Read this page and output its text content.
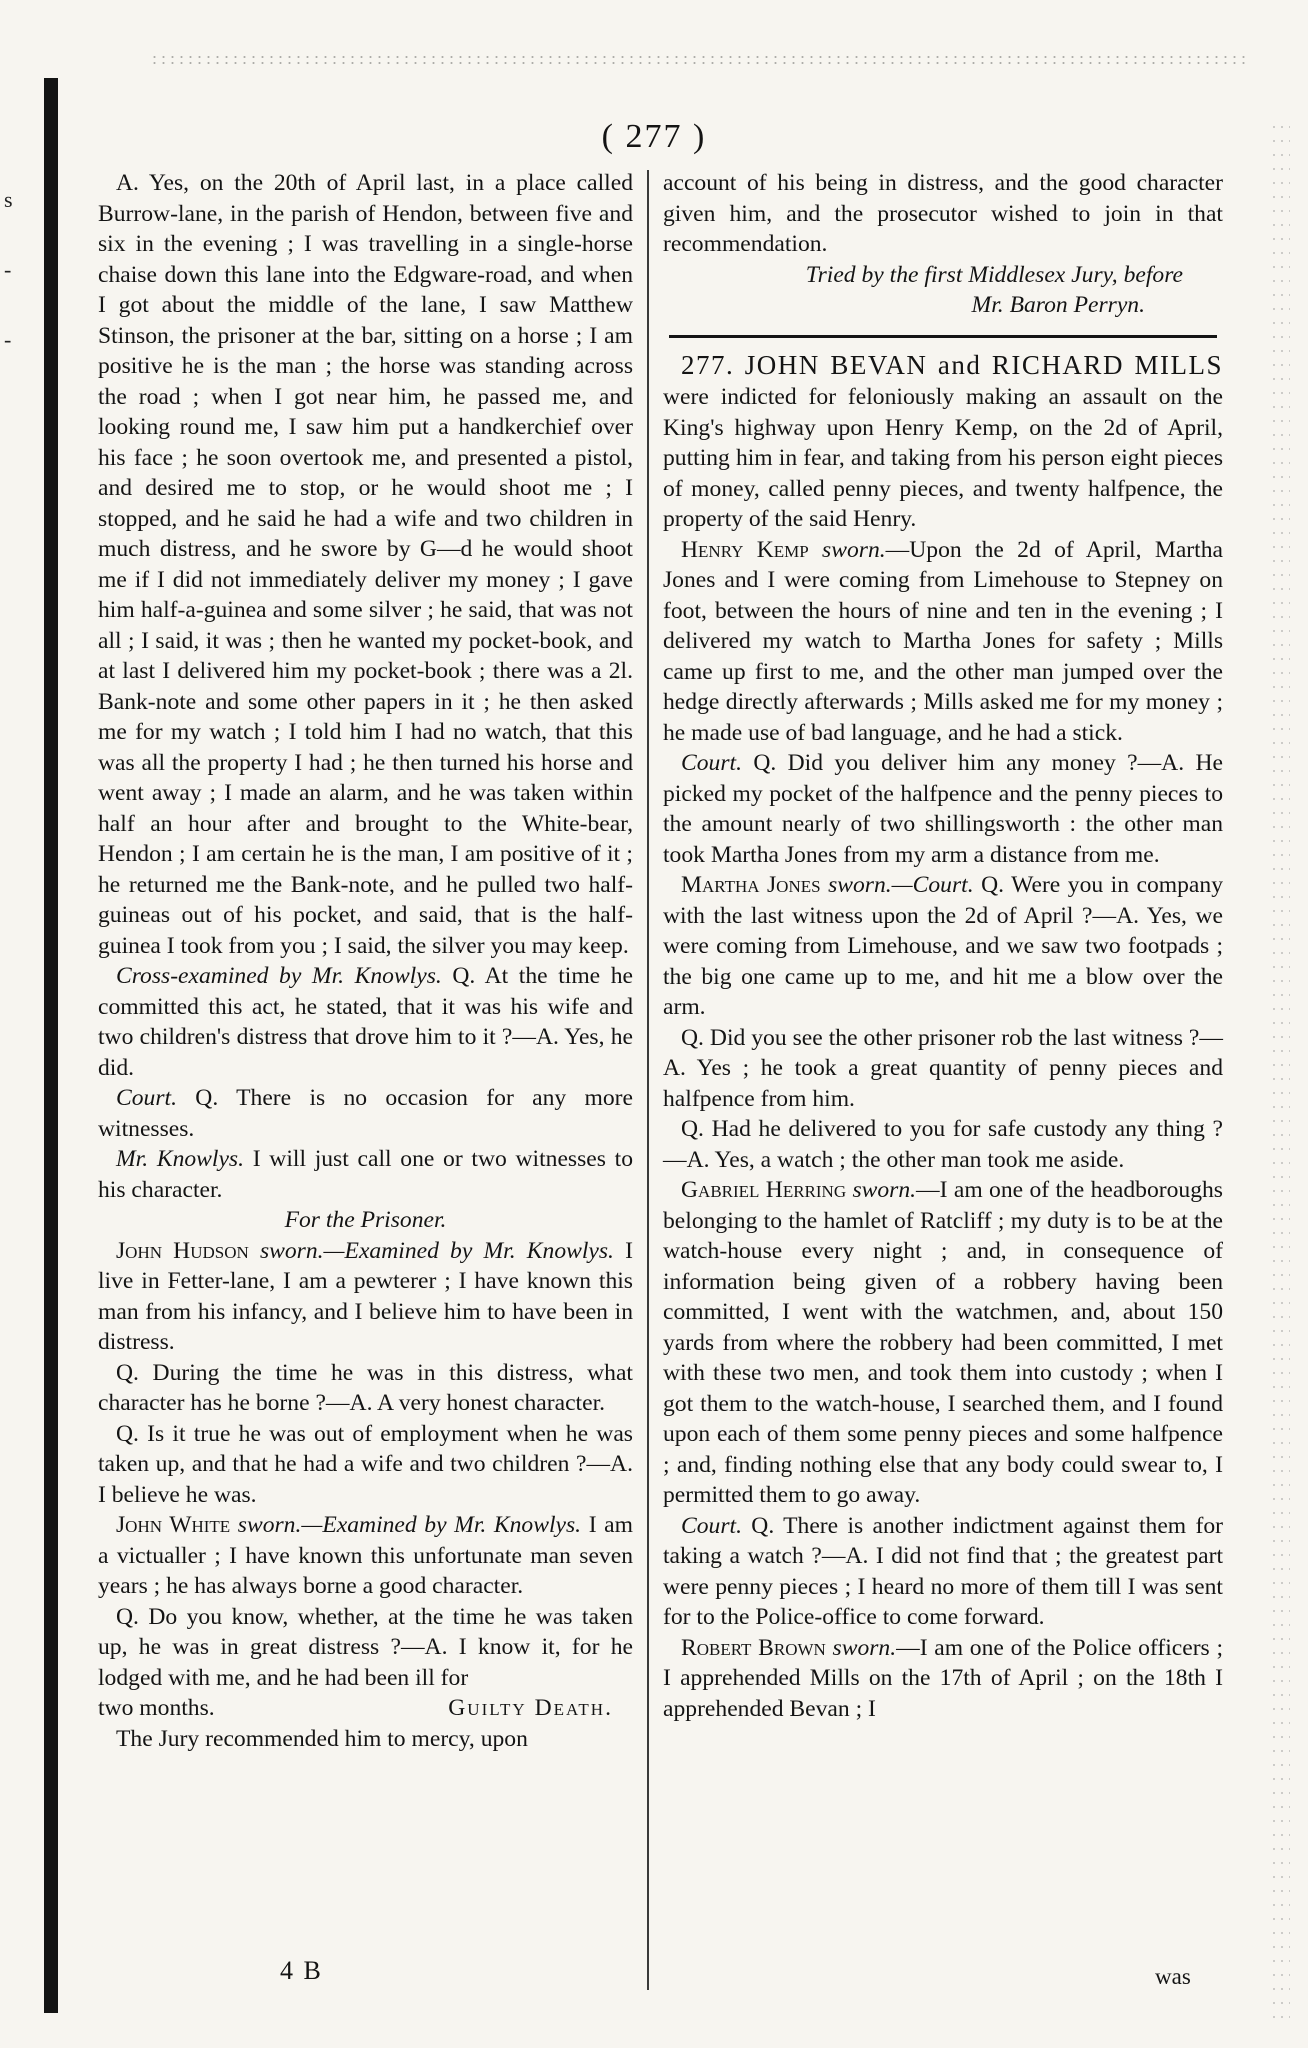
s
-
-
( 277 )

A. Yes, on the 20th of April last, in a place called Burrow-lane, in the parish of Hendon, between five and six in the evening ; I was travelling in a single-horse chaise down this lane into the Edgware-road, and when I got about the middle of the lane, I saw Matthew Stinson, the prisoner at the bar, sitting on a horse ; I am positive he is the man ; the horse was standing across the road ; when I got near him, he passed me, and looking round me, I saw him put a handkerchief over his face ; he soon overtook me, and presented a pistol, and desired me to stop, or he would shoot me ; I stopped, and he said he had a wife and two children in much distress, and he swore by G—d he would shoot me if I did not immediately deliver my money ; I gave him half-a-guinea and some silver ; he said, that was not all ; I said, it was ; then he wanted my pocket-book, and at last I delivered him my pocket-book ; there was a 2l. Bank-note and some other papers in it ; he then asked me for my watch ; I told him I had no watch, that this was all the property I had ; he then turned his horse and went away ; I made an alarm, and he was taken within half an hour after and brought to the White-bear, Hendon ; I am certain he is the man, I am positive of it ; he returned me the Bank-note, and he pulled two half-guineas out of his pocket, and said, that is the half-guinea I took from you ; I said, the silver you may keep.

Cross-examined by Mr. Knowlys. Q. At the time he committed this act, he stated, that it was his wife and two children's distress that drove him to it ?—A. Yes, he did.

Court. Q. There is no occasion for any more witnesses.

Mr. Knowlys. I will just call one or two witnesses to his character.

For the Prisoner.

John Hudson sworn.—Examined by Mr. Knowlys. I live in Fetter-lane, I am a pewterer ; I have known this man from his infancy, and I believe him to have been in distress.

Q. During the time he was in this distress, what character has he borne ?—A. A very honest character.

Q. Is it true he was out of employment when he was taken up, and that he had a wife and two children ?—A. I believe he was.

John White sworn.—Examined by Mr. Knowlys. I am a victualler ; I have known this unfortunate man seven years ; he has always borne a good character.

Q. Do you know, whether, at the time he was taken up, he was in great distress ?—A. I know it, for he lodged with me, and he had been ill for

two months.	Guilty Death.

The Jury recommended him to mercy, upon

account of his being in distress, and the good character given him, and the prosecutor wished to join in that recommendation.

Tried by the first Middlesex Jury, before

Mr. Baron Perryn.

277. JOHN BEVAN and RICHARD MILLS were indicted for feloniously making an assault on the King's highway upon Henry Kemp, on the 2d of April, putting him in fear, and taking from his person eight pieces of money, called penny pieces, and twenty halfpence, the property of the said Henry.

Henry Kemp sworn.—Upon the 2d of April, Martha Jones and I were coming from Limehouse to Stepney on foot, between the hours of nine and ten in the evening ; I delivered my watch to Martha Jones for safety ; Mills came up first to me, and the other man jumped over the hedge directly afterwards ; Mills asked me for my money ; he made use of bad language, and he had a stick.

Court. Q. Did you deliver him any money ?—A. He picked my pocket of the halfpence and the penny pieces to the amount nearly of two shillingsworth : the other man took Martha Jones from my arm a distance from me.

Martha Jones sworn.—Court. Q. Were you in company with the last witness upon the 2d of April ?—A. Yes, we were coming from Limehouse, and we saw two footpads ; the big one came up to me, and hit me a blow over the arm.

Q. Did you see the other prisoner rob the last witness ?—A. Yes ; he took a great quantity of penny pieces and halfpence from him.

Q. Had he delivered to you for safe custody any thing ?—A. Yes, a watch ; the other man took me aside.

Gabriel Herring sworn.—I am one of the headboroughs belonging to the hamlet of Ratcliff ; my duty is to be at the watch-house every night ; and, in consequence of information being given of a robbery having been committed, I went with the watchmen, and, about 150 yards from where the robbery had been committed, I met with these two men, and took them into custody ; when I got them to the watch-house, I searched them, and I found upon each of them some penny pieces and some halfpence ; and, finding nothing else that any body could swear to, I permitted them to go away.

Court. Q. There is another indictment against them for taking a watch ?—A. I did not find that ; the greatest part were penny pieces ; I heard no more of them till I was sent for to the Police-office to come forward.

Robert Brown sworn.—I am one of the Police officers ; I apprehended Mills on the 17th of April ; on the 18th I apprehended Bevan ; I

4 B	was
